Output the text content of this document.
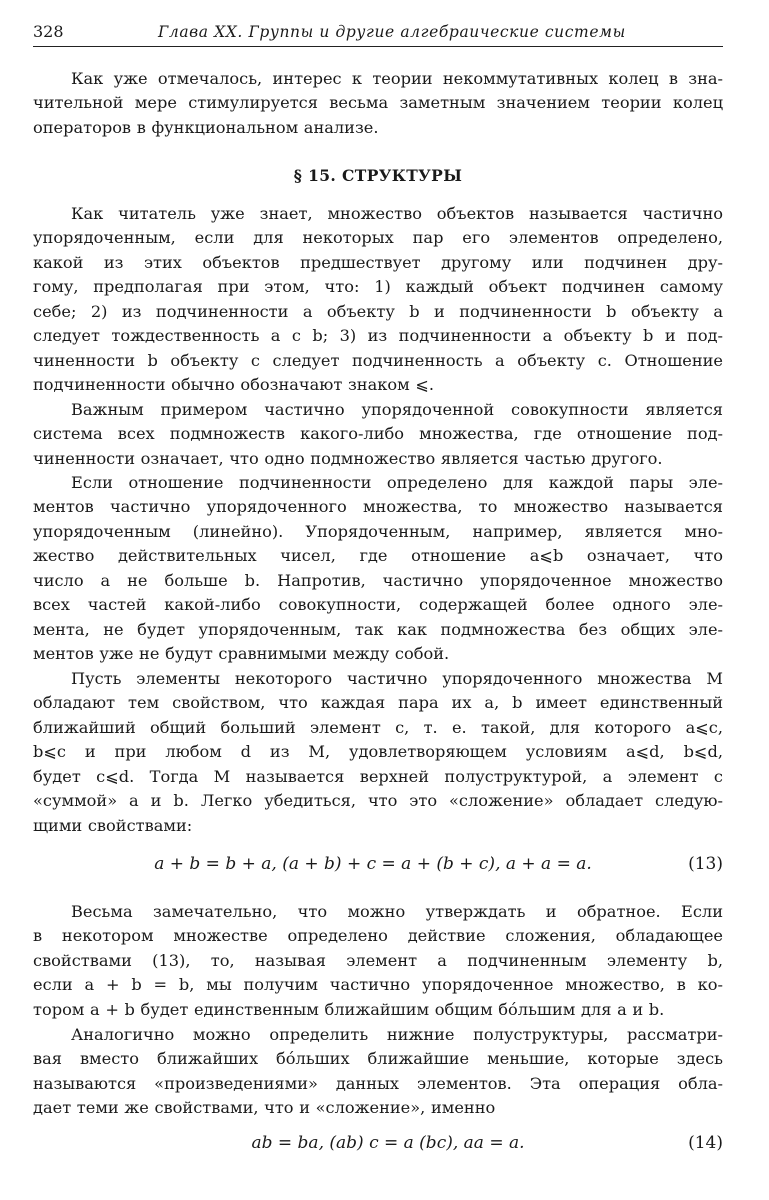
328	Глава XX. Группы и другие алгебраические системы
Как уже отмечалось, интерес к теории некоммутативных колец в зна-
чительной мере стимулируется весьма заметным значением теории колец
операторов в функциональном анализе.
§ 15. СТРУКТУРЫ
Как читатель уже знает, множество объектов называется частично
упорядоченным, если для некоторых пар его элементов определено,
какой из этих объектов предшествует другому или подчинен дру-
гому, предполагая при этом, что: 1) каждый объект подчинен самому
себе; 2) из подчиненности a объекту b и подчиненности b объекту a
следует тождественность a с b; 3) из подчиненности a объекту b и под-
чиненности b объекту c следует подчиненность a объекту c. Отношение
подчиненности обычно обозначают знаком ⩽.
Важным примером частично упорядоченной совокупности является
система всех подмножеств какого-либо множества, где отношение под-
чиненности означает, что одно подмножество является частью другого.
Если отношение подчиненности определено для каждой пары эле-
ментов частично упорядоченного множества, то множество называется
упорядоченным (линейно). Упорядоченным, например, является мно-
жество действительных чисел, где отношение a⩽b означает, что
число a не больше b. Напротив, частично упорядоченное множество
всех частей какой-либо совокупности, содержащей более одного эле-
мента, не будет упорядоченным, так как подмножества без общих эле-
ментов уже не будут сравнимыми между собой.
Пусть элементы некоторого частично упорядоченного множества M
обладают тем свойством, что каждая пара их a, b имеет единственный
ближайший общий больший элемент c, т. е. такой, для которого a⩽c,
b⩽c и при любом d из M, удовлетворяющем условиям a⩽d, b⩽d,
будет c⩽d. Тогда M называется верхней полуструктурой, а элемент c
«суммой» a и b. Легко убедиться, что это «сложение» обладает следую-
щими свойствами:
a + b = b + a, (a + b) + c = a + (b + c), a + a = a.	(13)
Весьма замечательно, что можно утверждать и обратное. Если
в некотором множестве определено действие сложения, обладающее
свойствами (13), то, называя элемент a подчиненным элементу b,
если a + b = b, мы получим частично упорядоченное множество, в ко-
тором a + b будет единственным ближайшим общим бо́льшим для a и b.
Аналогично можно определить нижние полуструктуры, рассматри-
вая вместо ближайших бо́льших ближайшие меньшие, которые здесь
называются «произведениями» данных элементов. Эта операция обла-
дает теми же свойствами, что и «сложение», именно
ab = ba, (ab) c = a (bc), aa = a.	(14)
